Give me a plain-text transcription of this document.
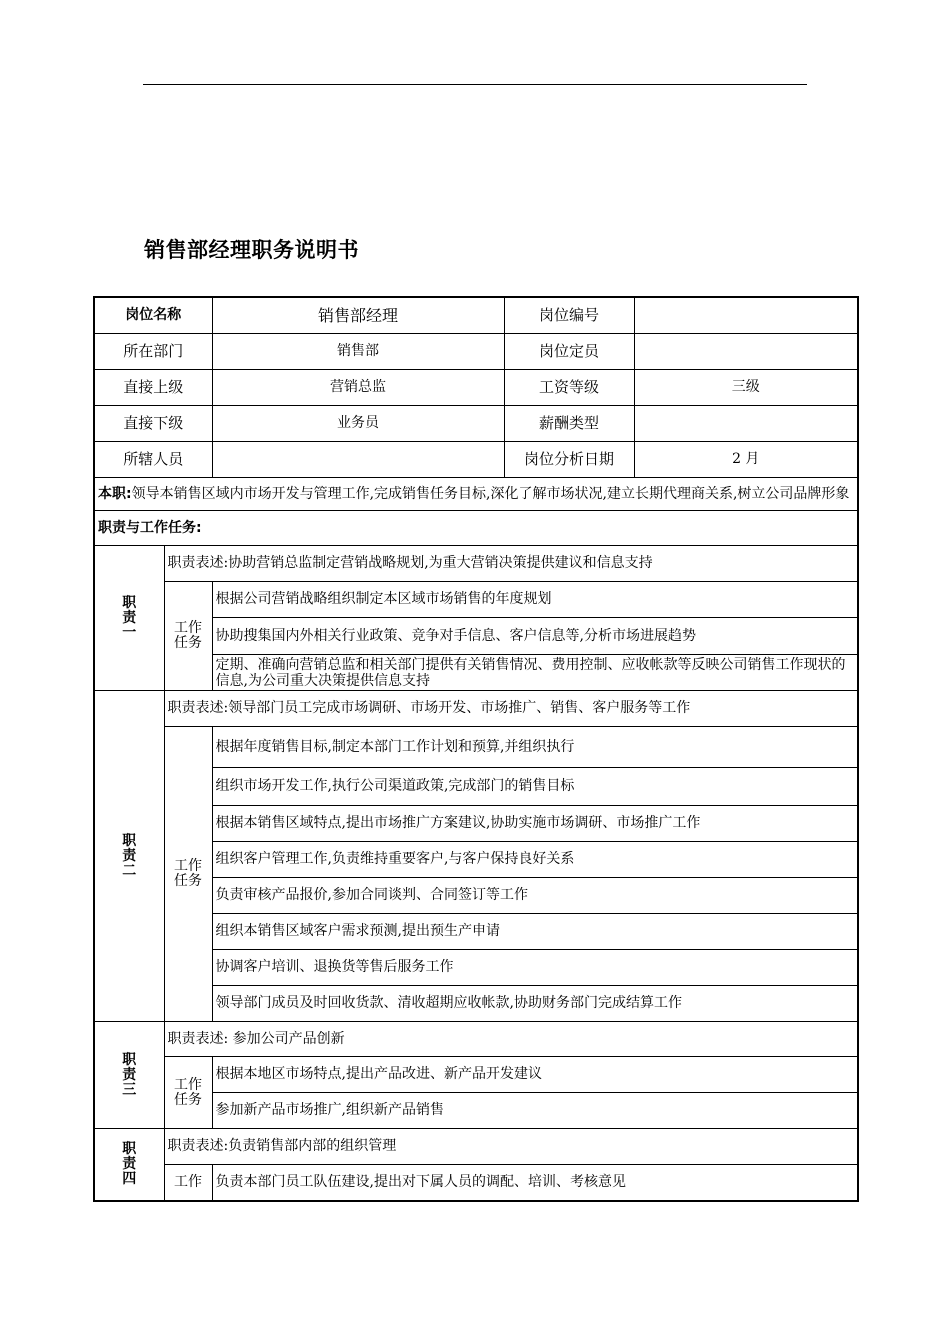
销售部经理职务说明书
岗位名称		销售部经理	岗位编号	
所在部门		销售部	岗位定员	
直接上级		营销总监	工资等级	三级
直接下级		业务员	薪酬类型	
所辖人员			岗位分析日期	2 月
本职:领导本销售区域内市场开发与管理工作,完成销售任务目标,深化了解市场状况,建立长期代理商关系,树立公司品牌形象				
职责与工作任务:				

职
责
一	职责表述:协助营销总监制定营销战略规划,为重大营销决策提供建议和信息支持			
	工作
任务	根据公司营销战略组织制定本区域市场销售的年度规划		
		协助搜集国内外相关行业政策、竞争对手信息、客户信息等,分析市场进展趋势		
		定期、准确向营销总监和相关部门提供有关销售情况、费用控制、应收帐款等反映公司销售工作现状的信息,为公司重大决策提供信息支持		

职
责
二	职责表述:领导部门员工完成市场调研、市场开发、市场推广、销售、客户服务等工作			
	工作
任务	根据年度销售目标,制定本部门工作计划和预算,并组织执行		
		组织市场开发工作,执行公司渠道政策,完成部门的销售目标		
		根据本销售区域特点,提出市场推广方案建议,协助实施市场调研、市场推广工作		
		组织客户管理工作,负责维持重要客户,与客户保持良好关系		
		负责审核产品报价,参加合同谈判、合同签订等工作		
		组织本销售区域客户需求预测,提出预生产申请		
		协调客户培训、退换货等售后服务工作		
		领导部门成员及时回收货款、清收超期应收帐款,协助财务部门完成结算工作		

职
责
三	职责表述: 参加公司产品创新			
	工作
任务	根据本地区市场特点,提出产品改进、新产品开发建议		
		参加新产品市场推广,组织新产品销售		

职
责
四	职责表述:负责销售部内部的组织管理			
	工作	负责本部门员工队伍建设,提出对下属人员的调配、培训、考核意见		
